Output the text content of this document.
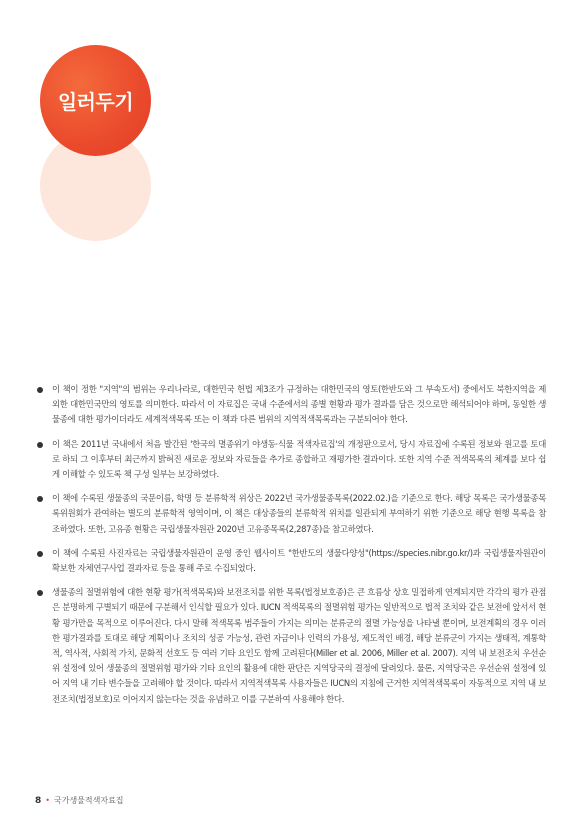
일러두기
이 책이 정한 "지역"의 범위는 우리나라로, 대한민국 헌법 제3조가 규정하는 대한민국의 영토(한반도와 그 부속도서) 중에서도 북한지역을 제외한 대한민국만의 영토를 의미한다. 따라서 이 자료집은 국내 수준에서의 종별 현황과 평가 결과를 담은 것으로만 해석되어야 하며, 동일한 생물종에 대한 평가이더라도 세계적색목록 또는 이 책과 다른 범위의 지역적색목록과는 구분되어야 한다.
이 책은 2011년 국내에서 처음 발간된 '한국의 멸종위기 야생동·식물 적색자료집'의 개정판으로서, 당시 자료집에 수록된 정보와 원고를 토대로 하되 그 이후부터 최근까지 밝혀진 새로운 정보와 자료들을 추가로 종합하고 재평가한 결과이다. 또한 지역 수준 적색목록의 체계를 보다 쉽게 이해할 수 있도록 책 구성 일부는 보강하였다.
이 책에 수록된 생물종의 국문이름, 학명 등 분류학적 위상은 2022년 국가생물종목록(2022.02.)을 기준으로 한다. 해당 목록은 국가생물종목록위원회가 관여하는 별도의 분류학적 영역이며, 이 책은 대상종들의 분류학적 위치를 일관되게 부여하기 위한 기준으로 해당 현행 목록을 참조하였다. 또한, 고유종 현황은 국립생물자원관 2020년 고유종목록(2,287종)을 참고하였다.
이 책에 수록된 사진자료는 국립생물자원관이 운영 중인 웹사이트 "한반도의 생물다양성"(https://species.nibr.go.kr/)과 국립생물자원관이 확보한 자체연구사업 결과자료 등을 통해 주로 수집되었다.
생물종의 절멸위험에 대한 현황 평가(적색목록)와 보전조치를 위한 목록(법정보호종)은 큰 흐름상 상호 밀접하게 연계되지만 각각의 평가 관점은 분명하게 구별되기 때문에 구분해서 인식할 필요가 있다. IUCN 적색목록의 절멸위험 평가는 일반적으로 법적 조치와 같은 보전에 앞서서 현황 평가만을 목적으로 이루어진다. 다시 말해 적색목록 범주들이 가지는 의미는 분류군의 절멸 가능성을 나타낼 뿐이며, 보전계획의 경우 이러한 평가결과를 토대로 해당 계획이나 조치의 성공 가능성, 관련 자금이나 인력의 가용성, 제도적인 배경, 해당 분류군이 가지는 생태적, 계통학적, 역사적, 사회적 가치, 문화적 선호도 등 여러 기타 요인도 함께 고려된다(Miller et al. 2006, Miller et al. 2007). 지역 내 보전조치 우선순위 설정에 있어 생물종의 절멸위험 평가와 기타 요인의 활용에 대한 판단은 지역당국의 결정에 달려있다. 물론, 지역당국은 우선순위 설정에 있어 지역 내 기타 변수들을 고려해야 할 것이다. 따라서 지역적색목록 사용자들은 IUCN의 지침에 근거한 지역적색목록이 자동적으로 지역 내 보전조치(법정보호)로 이어지지 않는다는 것을 유념하고 이를 구분하여 사용해야 한다.
8 • 국가생물적색자료집
